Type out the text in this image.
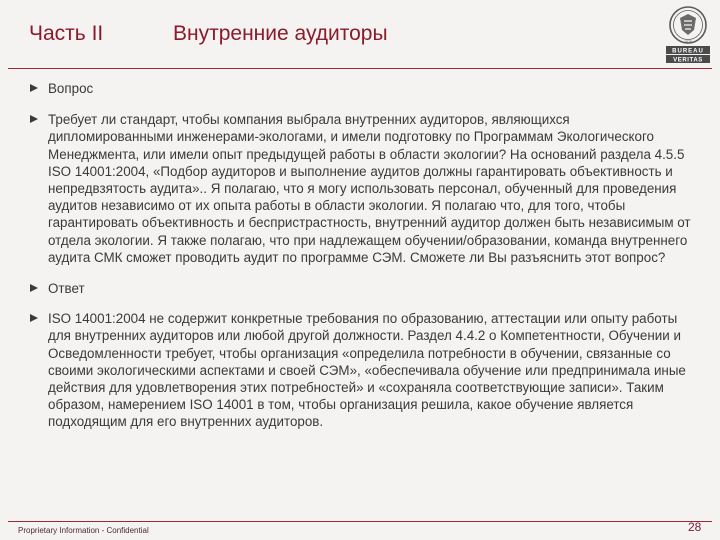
Часть II	Внутренние аудиторы
BUREAU
VERITAS
1828
Вопрос
Требует ли стандарт, чтобы компания выбрала внутренних аудиторов, являющихся дипломированными инженерами-экологами, и имели подготовку по Программам Экологического Менеджмента, или имели опыт предыдущей работы в области экологии? На оснований раздела 4.5.5 ISO 14001:2004, «Подбор аудиторов и выполнение аудитов должны гарантировать объективность и непредвзятость аудита».. Я полагаю, что я могу использовать персонал, обученный для проведения аудитов независимо от их опыта работы в области экологии. Я полагаю что, для того, чтобы гарантировать объективность и беспристрастность, внутренний аудитор должен быть независимым от отдела экологии. Я также полагаю, что при надлежащем обучении/образовании, команда внутреннего аудита СМК сможет проводить аудит по программе СЭМ. Сможете ли Вы разъяснить этот вопрос?
Ответ
ISO 14001:2004 не содержит конкретные требования по образованию, аттестации или опыту работы для внутренних аудиторов или любой другой должности. Раздел 4.4.2 о Компетентности, Обучении и Осведомленности требует, чтобы организация «определила потребности в обучении, связанные со своими экологическими аспектами и своей СЭМ», «обеспечивала обучение или предпринимала иные действия для удовлетворения этих потребностей» и «сохраняла соответствующие записи». Таким образом, намерением ISO 14001 в том, чтобы организация решила, какое обучение является подходящим для его внутренних аудиторов.
Proprietary Information - Confidential	28
